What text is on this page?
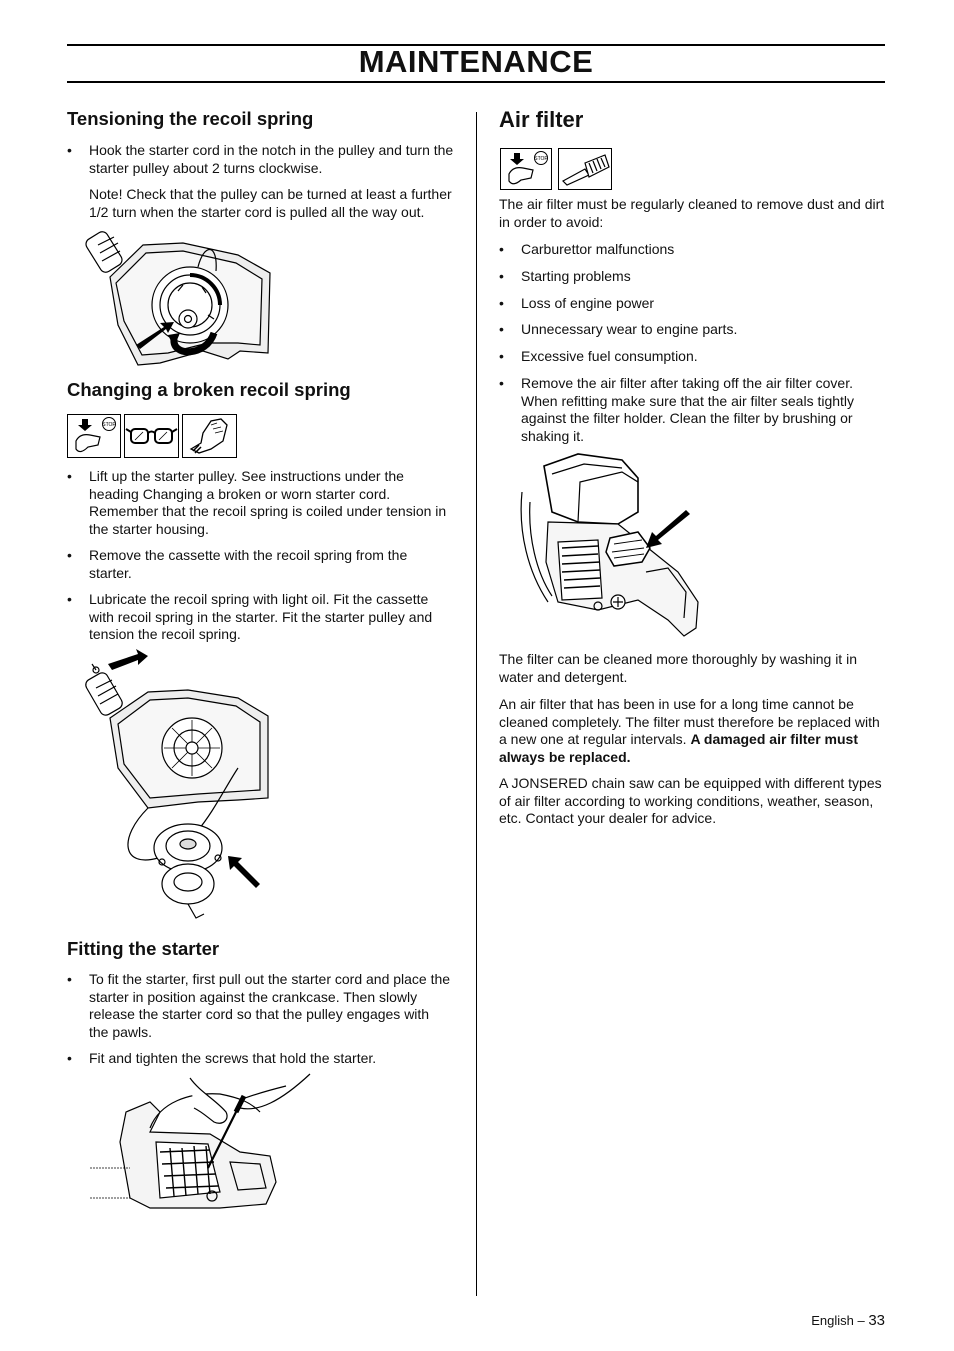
MAINTENANCE
Tensioning the recoil spring
• Hook the starter cord in the notch in the pulley and turn the
starter pulley about 2 turns clockwise.
Note! Check that the pulley can be turned at least a further
1/2 turn when the starter cord is pulled all the way out.
Changing a broken recoil spring
STOP
• Lift up the starter pulley. See instructions under the
heading Changing a broken or worn starter cord.
Remember that the recoil spring is coiled under tension in
the starter housing.
• Remove the cassette with the recoil spring from the
starter.
• Lubricate the recoil spring with light oil. Fit the cassette
with recoil spring in the starter. Fit the starter pulley and
tension the recoil spring.
Fitting the starter
• To fit the starter, first pull out the starter cord and place the
starter in position against the crankcase. Then slowly
release the starter cord so that the pulley engages with
the pawls.
• Fit and tighten the screws that hold the starter.
Air filter
STOP
The air filter must be regularly cleaned to remove dust and dirt
in order to avoid:
• Carburettor malfunctions
• Starting problems
• Loss of engine power
• Unnecessary wear to engine parts.
• Excessive fuel consumption.
• Remove the air filter after taking off the air filter cover.
When refitting make sure that the air filter seals tightly
against the filter holder. Clean the filter by brushing or
shaking it.
The filter can be cleaned more thoroughly by washing it in
water and detergent.
An air filter that has been in use for a long time cannot be
cleaned completely. The filter must therefore be replaced with
a new one at regular intervals. A damaged air filter must
always be replaced.
A JONSERED chain saw can be equipped with different types
of air filter according to working conditions, weather, season,
etc. Contact your dealer for advice.
English – 33
